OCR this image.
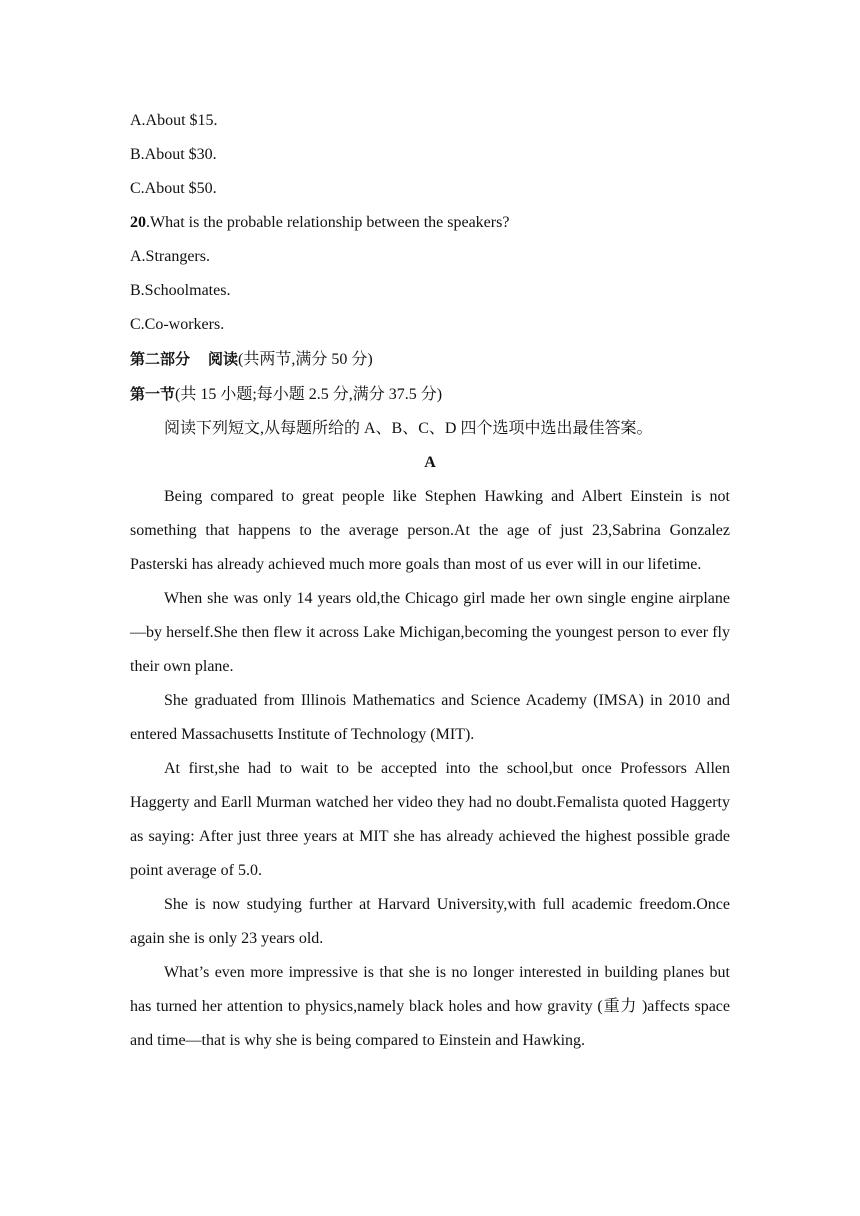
A.About $15.

B.About $30.

C.About $50.

20.What is the probable relationship between the speakers?

A.Strangers.

B.Schoolmates.

C.Co-workers.

第二部分 阅读(共两节,满分 50 分)

第一节(共 15 小题;每小题 2.5 分,满分 37.5 分)

阅读下列短文,从每题所给的 A、B、C、D 四个选项中选出最佳答案。

A

Being compared to great people like Stephen Hawking and Albert Einstein is not something that happens to the average person.At the age of just 23,Sabrina Gonzalez Pasterski has already achieved much more goals than most of us ever will in our lifetime.

When she was only 14 years old,the Chicago girl made her own single engine airplane—by herself.She then flew it across Lake Michigan,becoming the youngest person to ever fly their own plane.

She graduated from Illinois Mathematics and Science Academy (IMSA) in 2010 and entered Massachusetts Institute of Technology (MIT).

At first,she had to wait to be accepted into the school,but once Professors Allen Haggerty and Earll Murman watched her video they had no doubt.Femalista quoted Haggerty as saying: After just three years at MIT she has already achieved the highest possible grade point average of 5.0.

She is now studying further at Harvard University,with full academic freedom.Once again she is only 23 years old.

What’s even more impressive is that she is no longer interested in building planes but has turned her attention to physics,namely black holes and how gravity (重力 )affects space and time—that is why she is being compared to Einstein and Hawking.
